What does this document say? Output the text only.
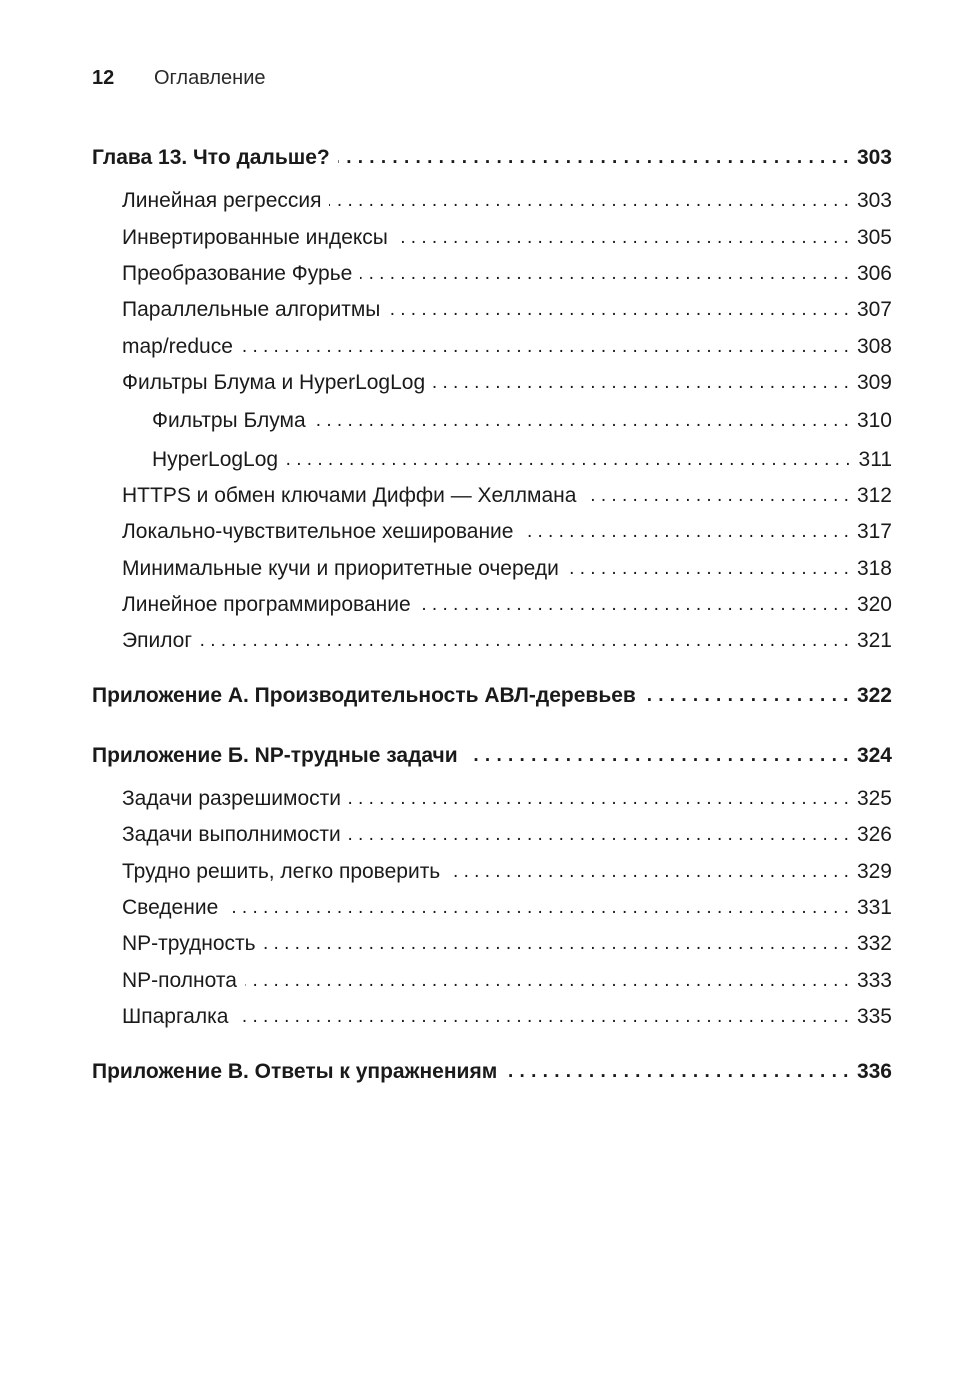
12	Оглавление
Глава 13. Что дальше? . . .	303
Линейная регрессия . . .	303
Инвертированные индексы . . .	305
Преобразование Фурье . . .	306
Параллельные алгоритмы . . .	307
map/reduce . . .	308
Фильтры Блума и HyperLogLog . . .	309
Фильтры Блума . . .	310
HyperLogLog . . .	311
HTTPS и обмен ключами Диффи — Хеллмана . . .	312
Локально-чувствительное хеширование . . .	317
Минимальные кучи и приоритетные очереди . . .	318
Линейное программирование . . .	320
Эпилог . . .	321
Приложение А. Производительность АВЛ-деревьев . . .	322
Приложение Б. NP-трудные задачи . . .	324
Задачи разрешимости . . .	325
Задачи выполнимости . . .	326
Трудно решить, легко проверить . . .	329
Сведение . . .	331
NP-трудность . . .	332
NP-полнота . . .	333
Шпаргалка . . .	335
Приложение В. Ответы к упражнениям . . .	336
